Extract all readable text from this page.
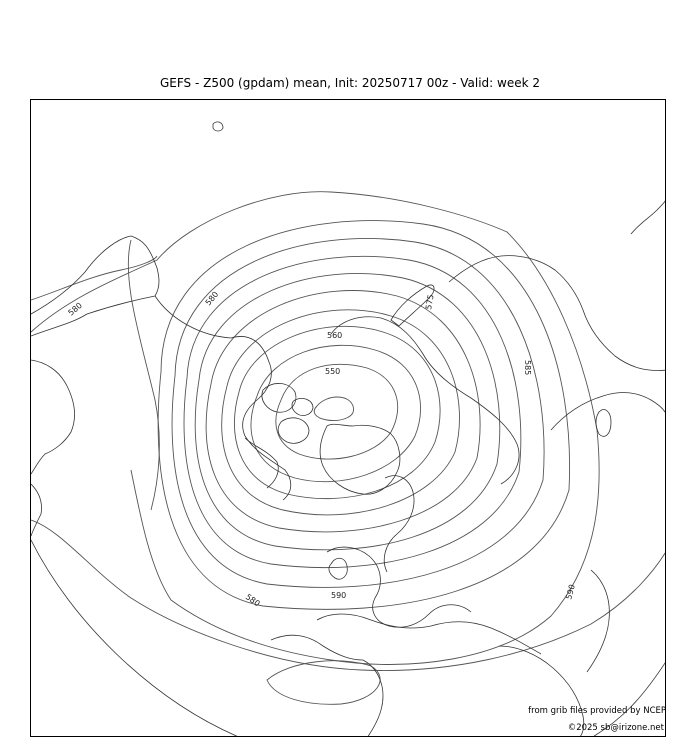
GEFS - Z500 (gpdam) mean, Init: 20250717 00z - Valid: week 2
580
580
560
550
575
585
590
580	590
from grib files provided by NCEP
©2025 sb@irizone.net
